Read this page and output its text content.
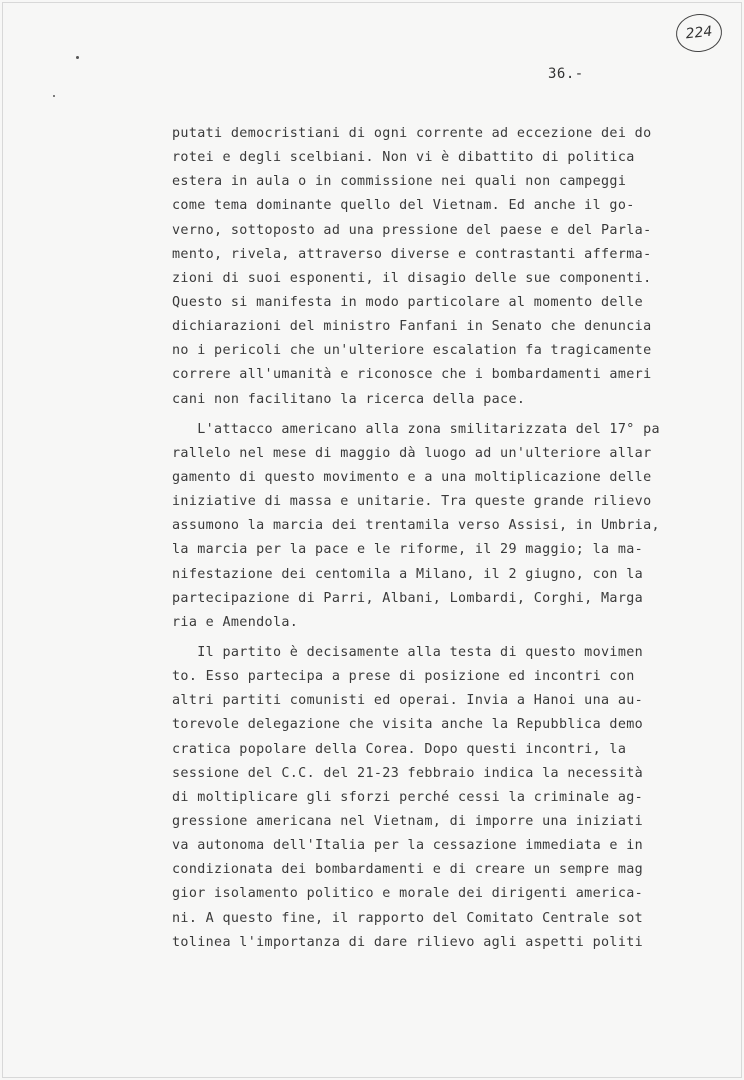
224
36.-
putati democristiani di ogni corrente ad eccezione dei do
rotei e degli scelbiani. Non vi è dibattito di politica
estera in aula o in commissione nei quali non campeggi
come tema dominante quello del Vietnam. Ed anche il go-
verno, sottoposto ad una pressione del paese e del Parla-
mento, rivela, attraverso diverse e contrastanti afferma-
zioni di suoi esponenti, il disagio delle sue componenti.
Questo si manifesta in modo particolare al momento delle
dichiarazioni del ministro Fanfani in Senato che denuncia
no i pericoli che un'ulteriore escalation fa tragicamente
correre all'umanità e riconosce che i bombardamenti ameri
cani non facilitano la ricerca della pace.
L'attacco americano alla zona smilitarizzata del 17° pa
rallelo nel mese di maggio dà luogo ad un'ulteriore allar
gamento di questo movimento e a una moltiplicazione delle
iniziative di massa e unitarie. Tra queste grande rilievo
assumono la marcia dei trentamila verso Assisi, in Umbria,
la marcia per la pace e le riforme, il 29 maggio; la ma-
nifestazione dei centomila a Milano, il 2 giugno, con la
partecipazione di Parri, Albani, Lombardi, Corghi, Marga
ria e Amendola.
Il partito è decisamente alla testa di questo movimen
to. Esso partecipa a prese di posizione ed incontri con
altri partiti comunisti ed operai. Invia a Hanoi una au-
torevole delegazione che visita anche la Repubblica demo
cratica popolare della Corea. Dopo questi incontri, la
sessione del C.C. del 21-23 febbraio indica la necessità
di moltiplicare gli sforzi perché cessi la criminale ag-
gressione americana nel Vietnam, di imporre una iniziati
va autonoma dell'Italia per la cessazione immediata e in
condizionata dei bombardamenti e di creare un sempre mag
gior isolamento politico e morale dei dirigenti america-
ni. A questo fine, il rapporto del Comitato Centrale sot
tolinea l'importanza di dare rilievo agli aspetti politi
